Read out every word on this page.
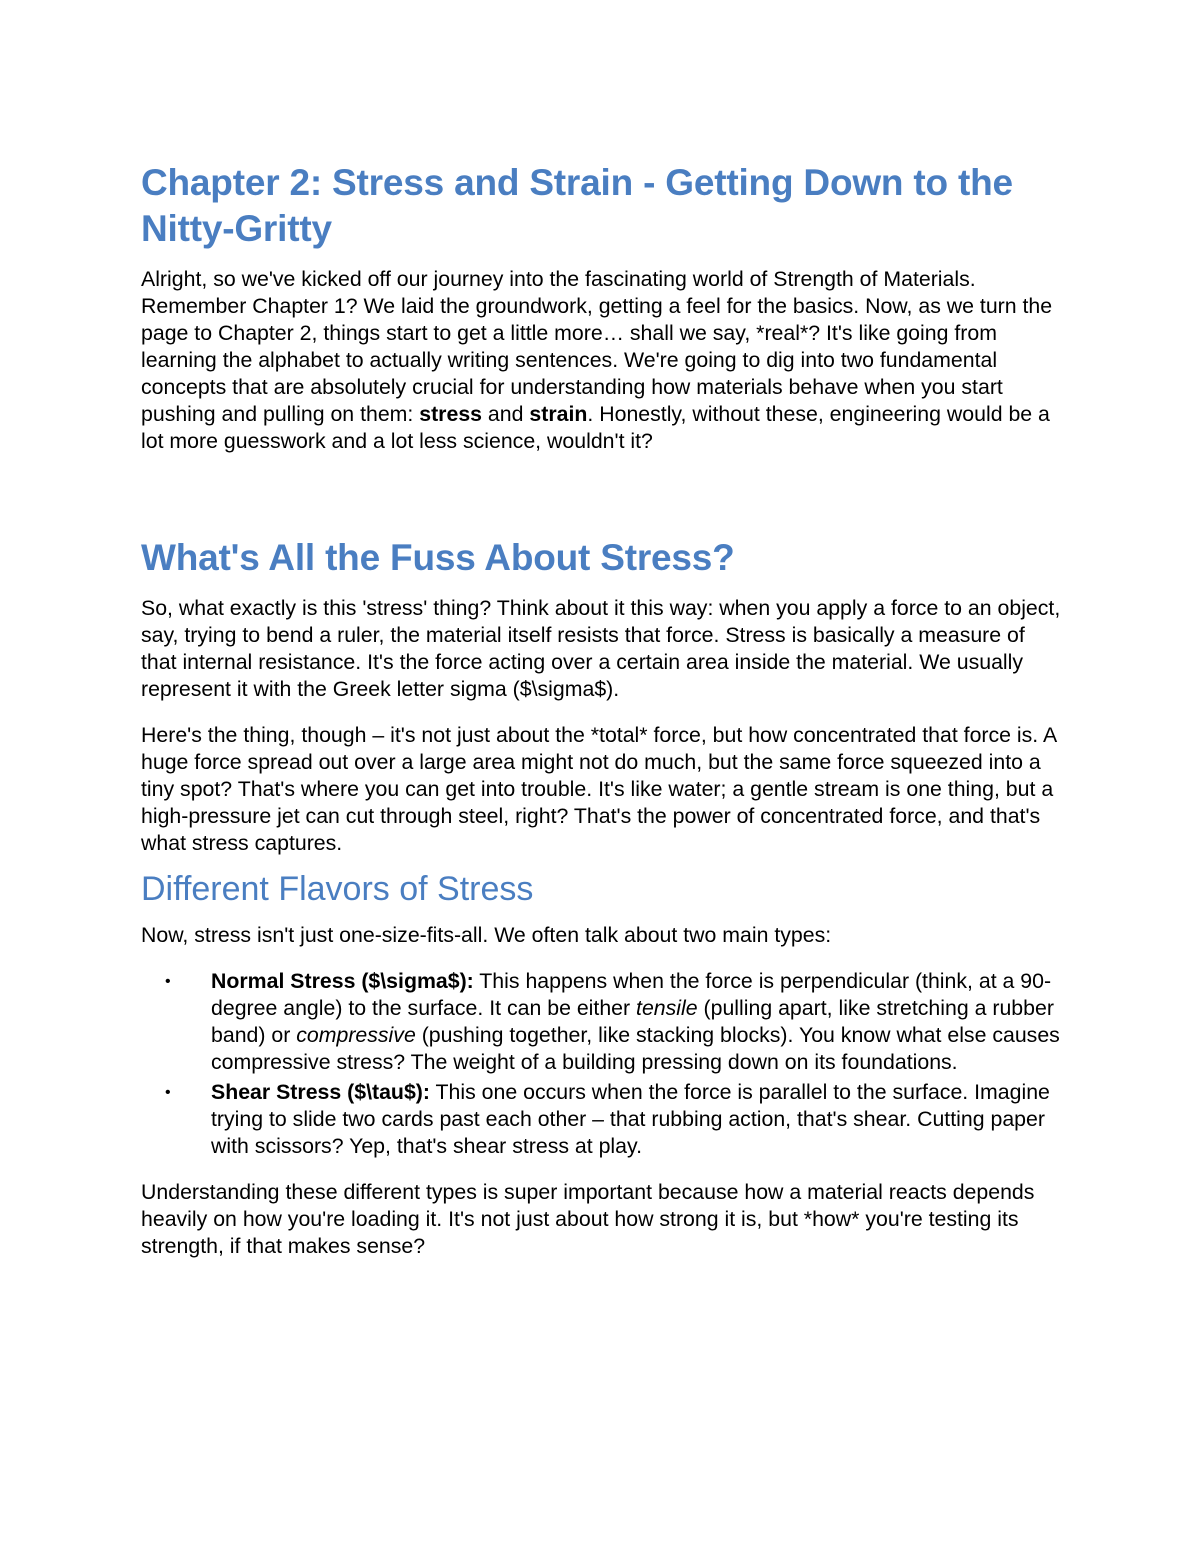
Chapter 2: Stress and Strain - Getting Down to the Nitty-Gritty

Alright, so we've kicked off our journey into the fascinating world of Strength of Materials. Remember Chapter 1? We laid the groundwork, getting a feel for the basics. Now, as we turn the page to Chapter 2, things start to get a little more… shall we say, *real*? It's like going from learning the alphabet to actually writing sentences. We're going to dig into two fundamental concepts that are absolutely crucial for understanding how materials behave when you start pushing and pulling on them: stress and strain. Honestly, without these, engineering would be a lot more guesswork and a lot less science, wouldn't it?

What's All the Fuss About Stress?

So, what exactly is this 'stress' thing? Think about it this way: when you apply a force to an object, say, trying to bend a ruler, the material itself resists that force. Stress is basically a measure of that internal resistance. It's the force acting over a certain area inside the material. We usually represent it with the Greek letter sigma ($\sigma$).

Here's the thing, though – it's not just about the *total* force, but how concentrated that force is. A huge force spread out over a large area might not do much, but the same force squeezed into a tiny spot? That's where you can get into trouble. It's like water; a gentle stream is one thing, but a high-pressure jet can cut through steel, right? That's the power of concentrated force, and that's what stress captures.

Different Flavors of Stress

Now, stress isn't just one-size-fits-all. We often talk about two main types:

• Normal Stress ($\sigma$): This happens when the force is perpendicular (think, at a 90-degree angle) to the surface. It can be either tensile (pulling apart, like stretching a rubber band) or compressive (pushing together, like stacking blocks). You know what else causes compressive stress? The weight of a building pressing down on its foundations.
• Shear Stress ($\tau$): This one occurs when the force is parallel to the surface. Imagine trying to slide two cards past each other – that rubbing action, that's shear. Cutting paper with scissors? Yep, that's shear stress at play.

Understanding these different types is super important because how a material reacts depends heavily on how you're loading it. It's not just about how strong it is, but *how* you're testing its strength, if that makes sense?
